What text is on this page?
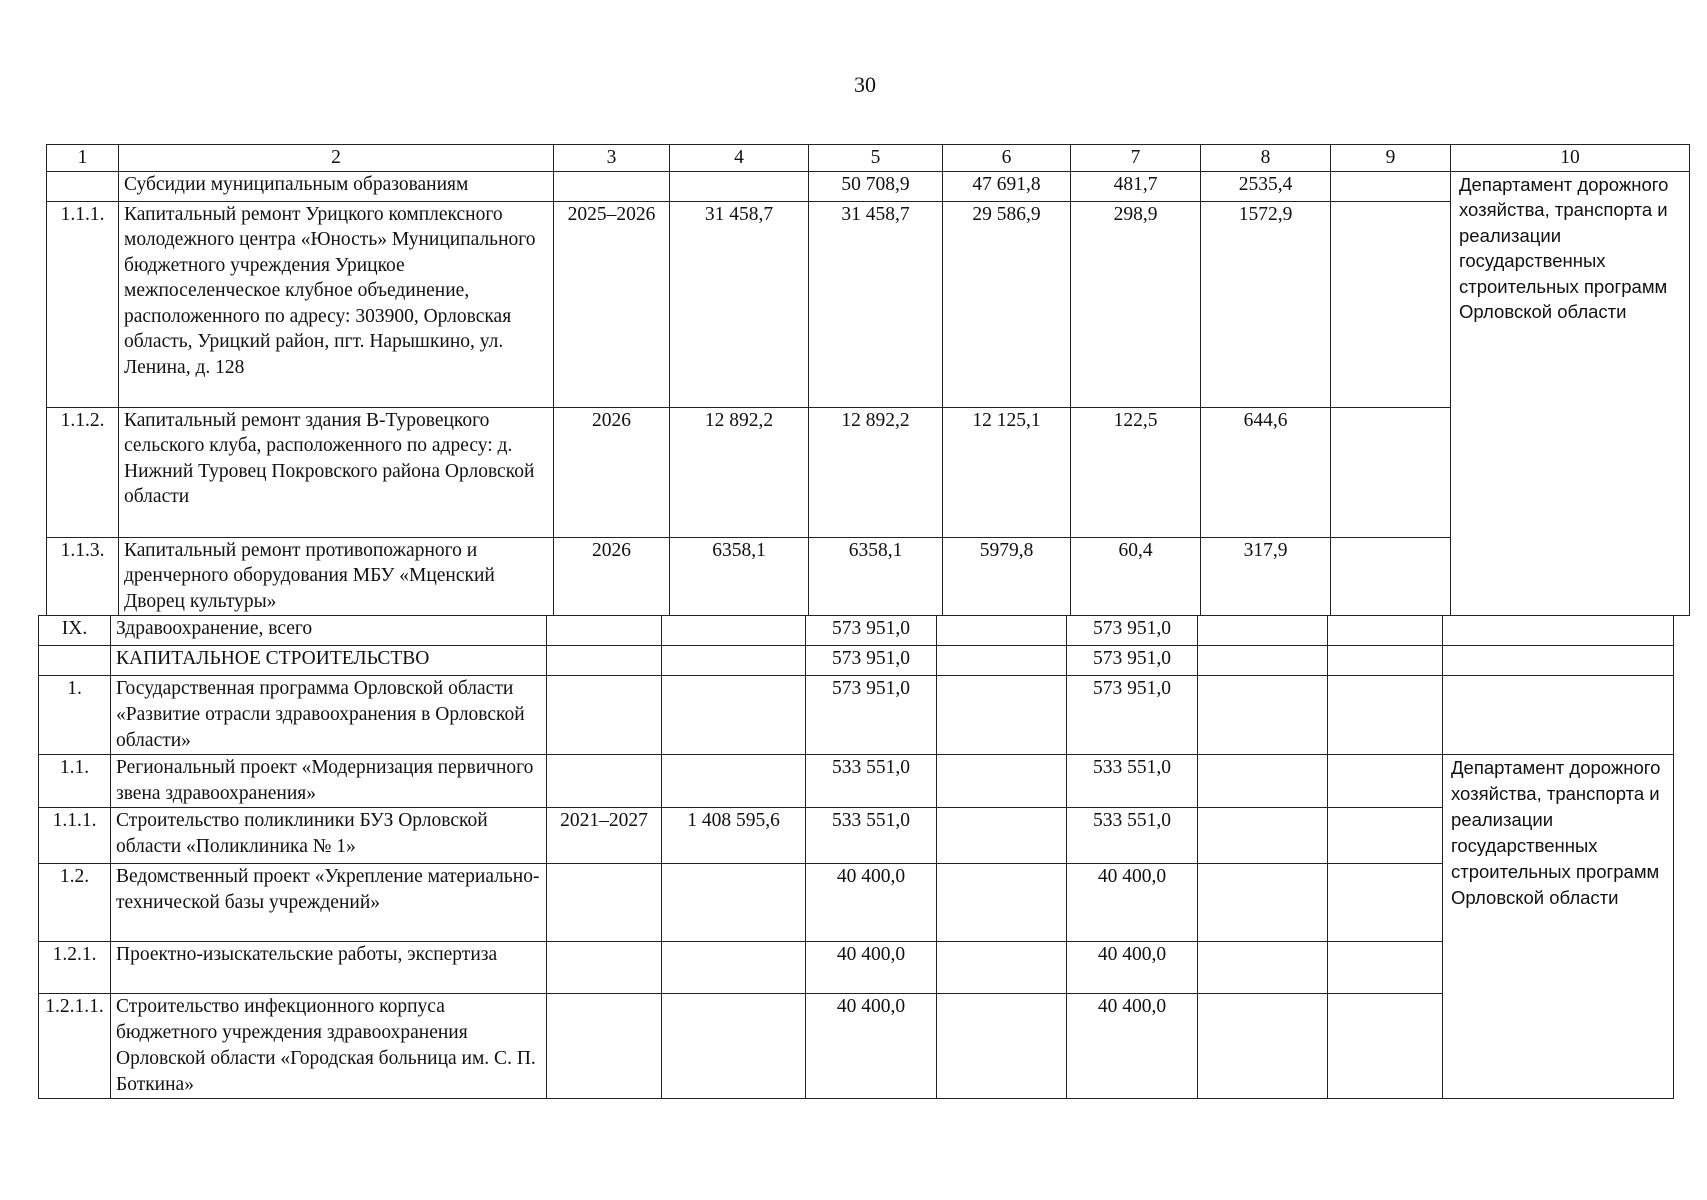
30
1	2	3	4	5	6	7	8	9	10
	Субсидии муниципальным образованиям			50 708,9	47 691,8	481,7	2535,4		Департамент дорожного хозяйства, транспорта и реализации государственных строительных программ Орловской области
1.1.1.	Капитальный ремонт Урицкого комплексного молодежного центра «Юность» Муниципального бюджетного учреждения Урицкое межпоселенческое клубное объединение, расположенного по адресу: 303900, Орловская область, Урицкий район, пгт. Нарышкино, ул. Ленина, д. 128	2025–2026	31 458,7	31 458,7	29 586,9	298,9	1572,9		
1.1.2.	Капитальный ремонт здания В-Туровецкого сельского клуба, расположенного по адресу: д. Нижний Туровец Покровского района Орловской области	2026	12 892,2	12 892,2	12 125,1	122,5	644,6		
1.1.3.	Капитальный ремонт противопожарного и дренчерного оборудования МБУ «Мценский Дворец культуры»	2026	6358,1	6358,1	5979,8	60,4	317,9		
IX.	Здравоохранение, всего			573 951,0		573 951,0			
	КАПИТАЛЬНОЕ СТРОИТЕЛЬСТВО			573 951,0		573 951,0			
1.	Государственная программа Орловской области «Развитие отрасли здравоохранения в Орловской области»			573 951,0		573 951,0			
1.1.	Региональный проект «Модернизация первичного звена здравоохранения»			533 551,0		533 551,0			Департамент дорожного хозяйства, транспорта и реализации государственных строительных программ Орловской области
1.1.1.	Строительство поликлиники БУЗ Орловской области «Поликлиника № 1»	2021–2027	1 408 595,6	533 551,0		533 551,0			
1.2.	Ведомственный проект «Укрепление материально-технической базы учреждений»			40 400,0		40 400,0			
1.2.1.	Проектно-изыскательские работы, экспертиза			40 400,0		40 400,0			
1.2.1.1.	Строительство инфекционного корпуса бюджетного учреждения здравоохранения Орловской области «Городская больница им. С. П. Боткина»			40 400,0		40 400,0			
